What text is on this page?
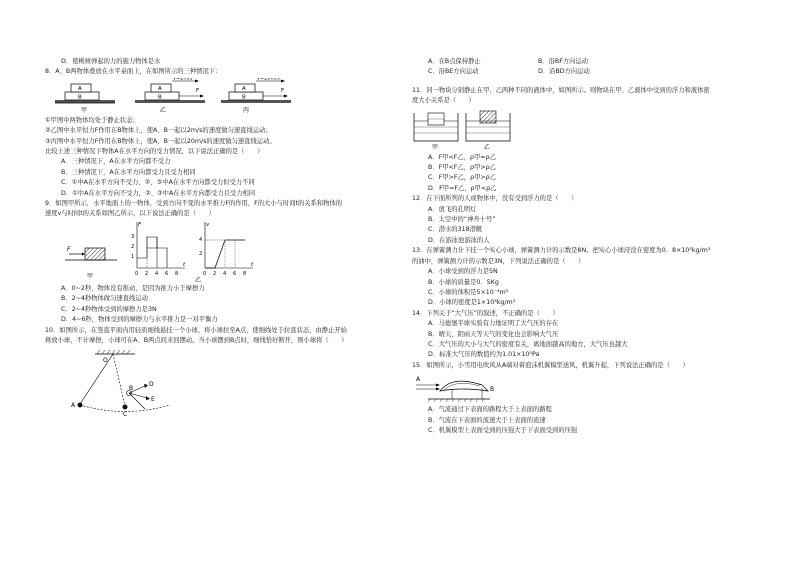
D．使桃树弹起的力的施力物体是水
8．A、B两物体叠放在水平桌面上，在如图所示的三种情况下：
A
B
甲
A
B
v=2m/s
F
乙
A
B
v=20m/s
F
丙
①甲图中两物体均处于静止状态；
②乙图中水平恒力F作用在B物体上，使A、B一起以2m/s的速度做匀速直线运动；
③丙图中水平恒力F作用在B物体上，使A、B一起以20m/s的速度做匀速直线运动。
比较上述三种情况下物体A在水平方向的受力情况，以下说法正确的是（　　）
A．三种情况下，A在水平方向都不受力
B．三种情况下，A在水平方向都受力且受力相同
C．①中A在水平方向不受力，②、③中A在水平方向都受力但受力不同
D．①中A在水平方向不受力，②、③中A在水平方向都受力且受力相同
9．如图甲所示，水平地面上的一物体，受到方向不变的水平推力F的作用，F的大小与时间t的关系和物体的
速度v与时间t的关系如图乙所示，以下说法正确的是（　　）
F
甲
F
3
2
1
0 2 4 6 8
t
v
4
2
0 2 4 6 8
t
乙
A．0~2秒，物体没有推动，是因为推力小于摩擦力
B．2~4秒物体做匀速直线运动
C．2~4秒物体受到的摩擦力是3N
D．4~6秒，物体受到的摩擦力与水平推力是一对平衡力
10．如图所示，在竖直平面内用轻质细线悬挂一个小球，将小球拉至A点，使细线处于拉直状态，由静止开始
释放小球，不计摩擦，小球可在A、B两点间来回摆动。当小球摆到B点时，细线恰好断开，则小球将（　　）
O
A
B
C
D
E
A．在B点保持静止	B．沿BF方向运动
C．沿BE方向运动	D．沿BD方向运动
11．同一物块分别静止在甲、乙两种不同的液体中，如图所示。则物块在甲、乙液体中受到的浮力和液体密
度大小关系是（　　）
甲	乙
A．F甲<F乙，ρ甲=ρ乙
B．F甲<F乙，ρ甲>ρ乙
C．F甲>F乙，ρ甲>ρ乙
D．F甲=F乙，ρ甲<ρ乙
12．在下面所列的人或物体中，没有受到浮力的是（　　）
A．放飞的孔明灯
B．太空中的“神舟十号”
C．潜水的318潜艇
D．在游泳池游泳的人
13．在弹簧测力计下挂一个实心小球，弹簧测力计的示数是8N。把实心小球浸没在密度为0．8×10³kg/m³
的油中，弹簧测力计的示数是3N，下列说法正确的是（　　）
A．小球受到的浮力是5N
B．小球的质量是0．5Kg
C．小球的体积是5×10⁻⁴m³
D．小球的密度是1×10³kg/m³
14．下列关于“大气压”的叙述，不正确的是（　　）
A．马德堡半球实验有力地证明了大气压的存在
B．晴天、阴雨天等天气的变化也会影响大气压
C．大气压的大小与大气的密度有关，离地面越高的地方，大气压也越大
D．标准大气压的数值约为1.01×10⁵Pa
15．如图所示，小雪用电吹风从A端对着泡沫机翼模型送风，机翼升起，下列说法正确的是（　　）
A
B
A．气流通过下表面的路程大于上表面的路程
B．气流在下表面的流速大于上表面的流速
C．机翼模型上表面受到的压强大于下表面受到的压强
